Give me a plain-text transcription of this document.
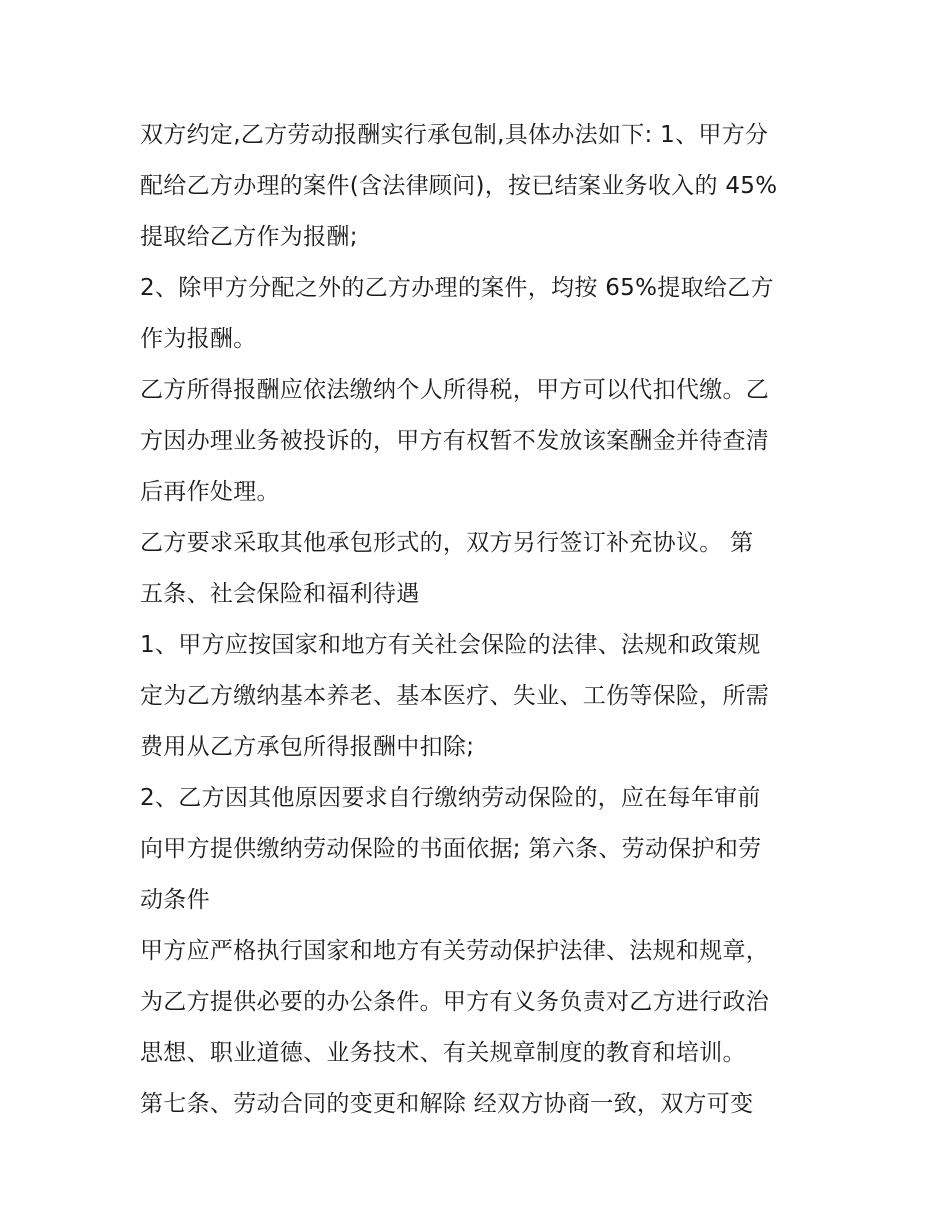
双方约定,乙方劳动报酬实行承包制,具体办法如下: 1、甲方分
配给乙方办理的案件(含法律顾问)，按已结案业务收入的 45%
提取给乙方作为报酬;
2、除甲方分配之外的乙方办理的案件，均按 65%提取给乙方
作为报酬。
乙方所得报酬应依法缴纳个人所得税，甲方可以代扣代缴。乙
方因办理业务被投诉的，甲方有权暂不发放该案酬金并待查清
后再作处理。
乙方要求采取其他承包形式的，双方另行签订补充协议。 第
五条、社会保险和福利待遇
1、甲方应按国家和地方有关社会保险的法律、法规和政策规
定为乙方缴纳基本养老、基本医疗、失业、工伤等保险，所需
费用从乙方承包所得报酬中扣除;
2、乙方因其他原因要求自行缴纳劳动保险的，应在每年审前
向甲方提供缴纳劳动保险的书面依据; 第六条、劳动保护和劳
动条件
甲方应严格执行国家和地方有关劳动保护法律、法规和规章，
为乙方提供必要的办公条件。甲方有义务负责对乙方进行政治
思想、职业道德、业务技术、有关规章制度的教育和培训。
第七条、劳动合同的变更和解除 经双方协商一致，双方可变
